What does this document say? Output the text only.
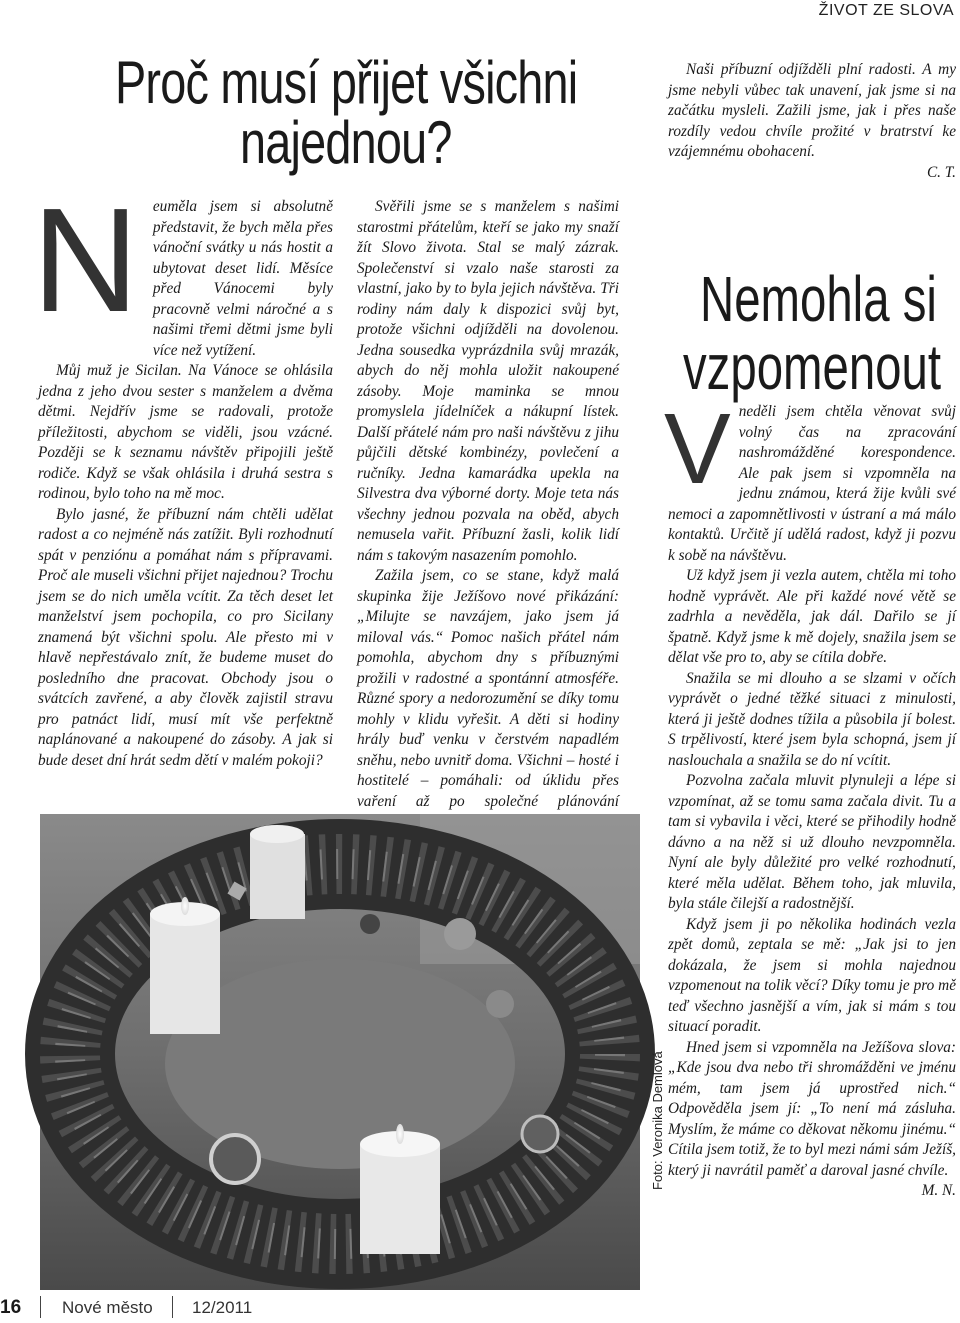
ŽIVOT ZE SLOVA
Proč musí přijet všichni
najednou?
N euměla jsem si absolutně představit, že bych měla přes vánoční svátky u nás hostit a ubytovat deset lidí. Měsíce před Vánocemi byly pracovně velmi náročné a s našimi třemi dětmi jsme byli více než vytížení.

Můj muž je Sicilan. Na Vánoce se ohlásila jedna z jeho dvou sester s manželem a dvěma dětmi. Nejdřív jsme se radovali, protože příležitosti, abychom se viděli, jsou vzácné. Později se k seznamu návštěv připojili ještě rodiče. Když se však ohlásila i druhá sestra s rodinou, bylo toho na mě moc.

Bylo jasné, že příbuzní nám chtěli udělat radost a co nejméně nás zatížit. Byli rozhodnutí spát v penziónu a pomáhat nám s přípravami. Proč ale museli všichni přijet najednou? Trochu jsem se do nich uměla vcítit. Za těch deset let manželství jsem pochopila, co pro Sicilany znamená být všichni spolu. Ale přesto mi v hlavě nepřestávalo znít, že budeme muset do posledního dne pracovat. Obchody jsou o svátcích zavřené, a aby člověk zajistil stravu pro patnáct lidí, musí mít vše perfektně naplánované a nakoupené do zásoby. A jak si bude deset dní hrát sedm dětí v malém pokoji?

Svěřili jsme se s manželem s našimi starostmi přátelům, kteří se jako my snaží žít Slovo života. Stal se malý zázrak. Společenství si vzalo naše starosti za vlastní, jako by to byla jejich návštěva. Tři rodiny nám daly k dispozici svůj byt, protože všichni odjížděli na dovolenou. Jedna sousedka vyprázdnila svůj mrazák, abych do něj mohla uložit nakoupené zásoby. Moje maminka se mnou promyslela jídelníček a nákupní lístek. Další přátelé nám pro naši návštěvu z jihu půjčili dětské kombinézy, povlečení a ručníky. Jedna kamarádka upekla na Silvestra dva výborné dorty. Moje teta nás všechny jednou pozvala na oběd, abych nemusela vařit. Příbuzní žasli, kolik lidí nám s takovým nasazením pomohlo.

Zažila jsem, co se stane, když malá skupinka žije Ježíšovo nové přikázání: „Milujte se navzájem, jako jsem já miloval vás.“ Pomoc našich přátel nám pomohla, abychom dny s příbuznými prožili v radostné a spontánní atmosféře. Různé spory a nedorozumění se díky tomu mohly v klidu vyřešit. A děti si hodiny hrály buď venku v čerstvém napadlém sněhu, nebo uvnitř doma. Všichni – hosté i hostitelé – pomáhali: od úklidu přes vaření až po společné plánování

Naši příbuzní odjížděli plní radosti. A my jsme nebyli vůbec tak unavení, jak jsme si na začátku mysleli. Zažili jsme, jak i přes naše rozdíly vedou chvíle prožité v bratrství ke vzájemnému obohacení.

C. T.

Nemohla si
vzpomenout
V neděli jsem chtěla věnovat svůj volný čas na zpracování nashromážděné korespondence. Ale pak jsem si vzpomněla na jednu známou, která žije kvůli své nemoci a zapomnětlivosti v ústraní a má málo kontaktů. Určitě jí udělá radost, když ji pozvu k sobě na návštěvu.

Už když jsem ji vezla autem, chtěla mi toho hodně vyprávět. Ale při každé nové větě se zadrhla a nevěděla, jak dál. Dařilo se jí špatně. Když jsme k mě dojely, snažila jsem se dělat vše pro to, aby se cítila dobře.

Snažila se mi dlouho a se slzami v očích vyprávět o jedné těžké situaci z minulosti, která ji ještě dodnes tížila a působila jí bolest. S trpělivostí, které jsem byla schopná, jsem jí naslouchala a snažila se do ní vcítit.

Pozvolna začala mluvit plynuleji a lépe si vzpomínat, až se tomu sama začala divit. Tu a tam si vybavila i věci, které se přihodily hodně dávno a na něž si už dlouho nevzpomněla. Nyní ale byly důležité pro velké rozhodnutí, které měla udělat. Během toho, jak mluvila, byla stále čilejší a radostnější.

Když jsem ji po několika hodinách vezla zpět domů, zeptala se mě: „Jak jsi to jen dokázala, že jsem si mohla najednou vzpomenout na tolik věcí? Díky tomu je pro mě teď všechno jasnější a vím, jak si mám s tou situací poradit.

Hned jsem si vzpomněla na Ježíšova slova: „Kde jsou dva nebo tři shromážděni ve jménu mém, tam jsem já uprostřed nich.“ Odpověděla jsem jí: „To není má zásluha. Myslím, že máme co děkovat někomu jinému.“ Cítila jsem totiž, že to byl mezi námi sám Ježíš, který ji navrátil paměť a daroval jasné chvíle.
M. N.

Foto: Veronika Demlová
16 Nové město 12/2011
